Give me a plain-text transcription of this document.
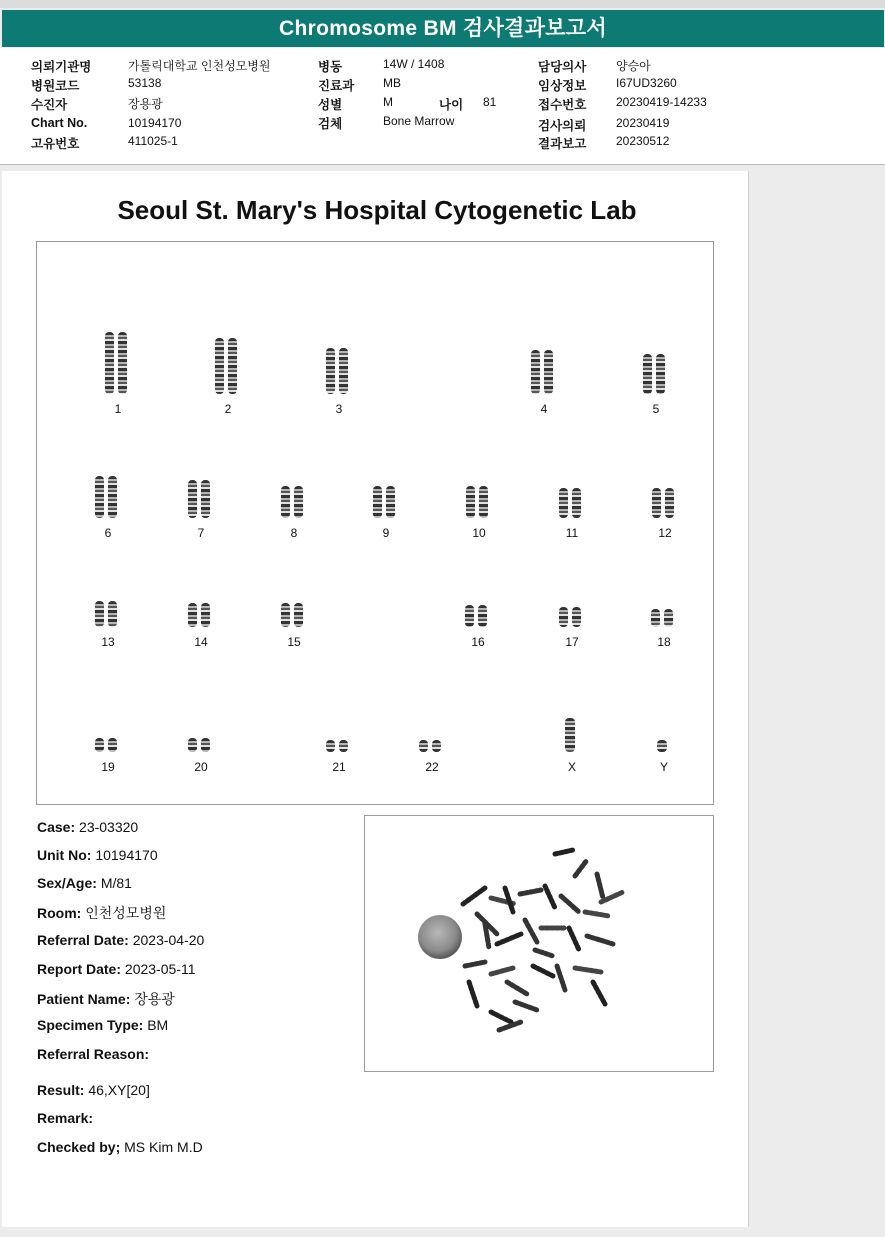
Chromosome BM 검사결과보고서
의뢰기관명	가톨릭대학교 인천성모병원
병원코드	53138
수진자	장용광
Chart No.	10194170
고유번호	411025-1
병동	14W / 1408
진료과 MB
성별	M	나이 81
검체	Bone Marrow
담당의사 양승아
임상정보 I67UD3260
접수번호 20230419-14233
검사의뢰 20230419
결과보고 20230512
Seoul St. Mary's Hospital Cytogenetic Lab
1	2	3	4	5
6	7	8	9	10	11	12
13	14	15	16	17	18
19	20	21	22	X	Y
Case: 23-03320
Unit No: 10194170
Sex/Age: M/81
Room: 인천성모병원
Referral Date: 2023-04-20
Report Date: 2023-05-11
Patient Name: 장용광
Specimen Type: BM
Referral Reason:
Result: 46,XY[20]
Remark:
Checked by; MS Kim M.D
